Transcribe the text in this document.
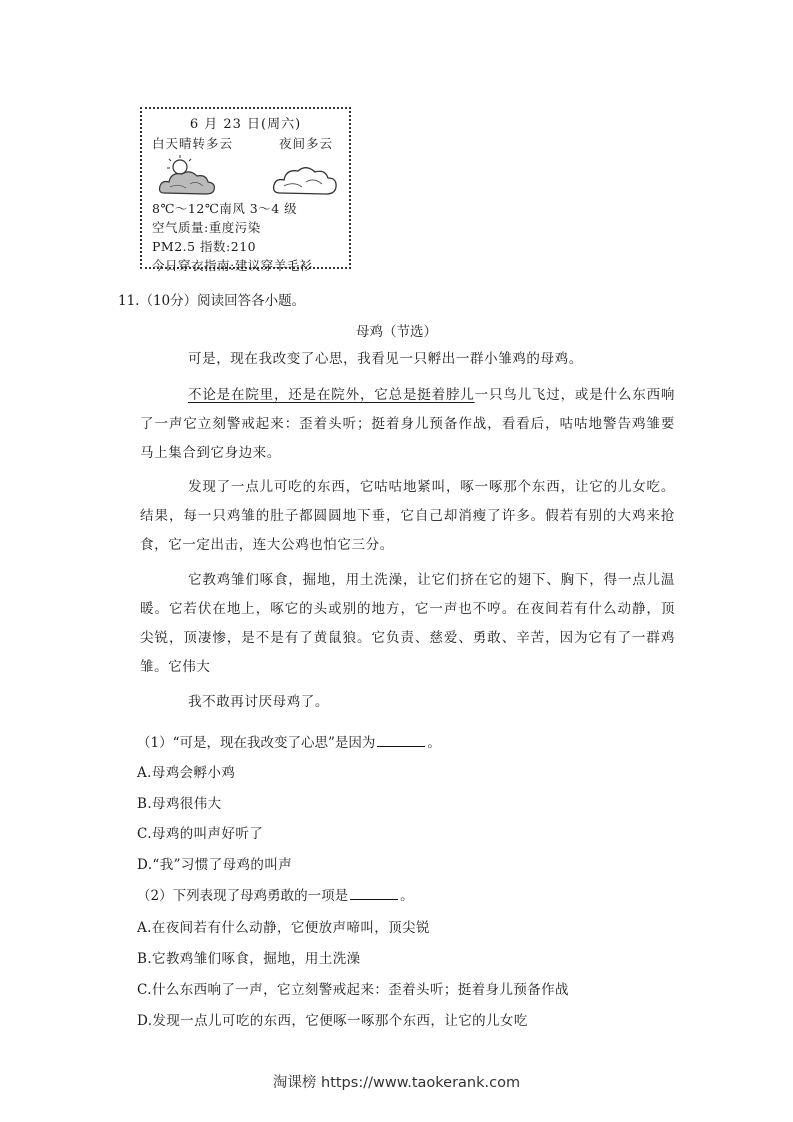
6 月 23 日(周六)
白天晴转多云	夜间多云
8℃～12℃南风 3～4 级
空气质量:重度污染
PM2.5 指数:210
今日穿衣指南:建议穿羊毛衫
11.（10分）阅读回答各小题。
母鸡（节选）
可是，现在我改变了心思，我看见一只孵出一群小雏鸡的母鸡。
不论是在院里，还是在院外，它总是挺着脖儿一只鸟儿飞过，或是什么东西响了一声它立刻警戒起来：歪着头听；挺着身儿预备作战，看看后，咕咕地警告鸡雏要马上集合到它身边来。
发现了一点儿可吃的东西，它咕咕地紧叫，啄一啄那个东西，让它的儿女吃。结果，每一只鸡雏的肚子都圆圆地下垂，它自己却消瘦了许多。假若有别的大鸡来抢食，它一定出击，连大公鸡也怕它三分。
它教鸡雏们啄食，掘地，用土洗澡，让它们挤在它的翅下、胸下，得一点儿温暖。它若伏在地上，啄它的头或别的地方，它一声也不哼。在夜间若有什么动静，顶尖锐，顶凄惨，是不是有了黄鼠狼。它负责、慈爱、勇敢、辛苦，因为它有了一群鸡雏。它伟大
我不敢再讨厌母鸡了。
（1）“可是，现在我改变了心思”是因为	。
A.母鸡会孵小鸡
B.母鸡很伟大
C.母鸡的叫声好听了
D.“我”习惯了母鸡的叫声
（2）下列表现了母鸡勇敢的一项是	。
A.在夜间若有什么动静，它便放声啼叫，顶尖锐
B.它教鸡雏们啄食，掘地，用土洗澡
C.什么东西响了一声，它立刻警戒起来：歪着头听；挺着身儿预备作战
D.发现一点儿可吃的东西，它便啄一啄那个东西，让它的儿女吃
淘课榜 https://www.taokerank.com
